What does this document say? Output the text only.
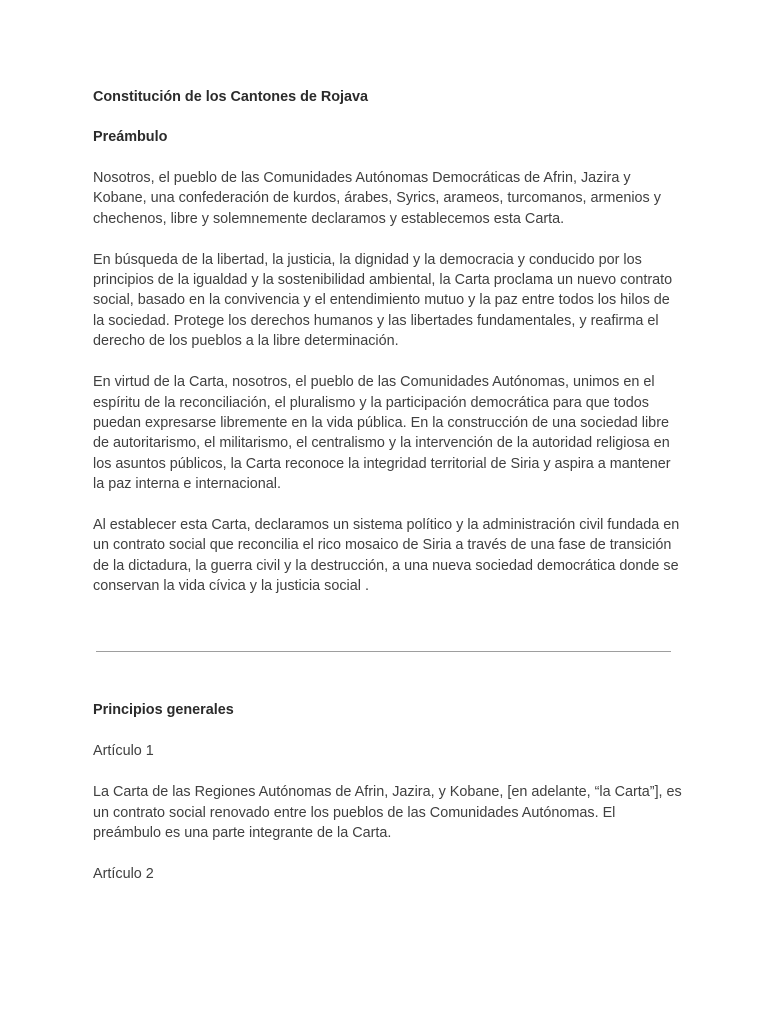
Constitución de los Cantones de Rojava

Preámbulo

Nosotros, el pueblo de las Comunidades Autónomas Democráticas de Afrin, Jazira y Kobane, una confederación de kurdos, árabes, Syrics, arameos, turcomanos, armenios y chechenos, libre y solemnemente declaramos y establecemos esta Carta.

En búsqueda de la libertad, la justicia, la dignidad y la democracia y conducido por los principios de la igualdad y la sostenibilidad ambiental, la Carta proclama un nuevo contrato social, basado en la convivencia y el entendimiento mutuo y la paz entre todos los hilos de la sociedad. Protege los derechos humanos y las libertades fundamentales, y reafirma el derecho de los pueblos a la libre determinación.

En virtud de la Carta, nosotros, el pueblo de las Comunidades Autónomas, unimos en el espíritu de la reconciliación, el pluralismo y la participación democrática para que todos puedan expresarse libremente en la vida pública. En la construcción de una sociedad libre de autoritarismo, el militarismo, el centralismo y la intervención de la autoridad religiosa en los asuntos públicos, la Carta reconoce la integridad territorial de Siria y aspira a mantener la paz interna e internacional.

Al establecer esta Carta, declaramos un sistema político y la administración civil fundada en un contrato social que reconcilia el rico mosaico de Siria a través de una fase de transición de la dictadura, la guerra civil y la destrucción, a una nueva sociedad democrática donde se conservan la vida cívica y la justicia social .

Principios generales

Artículo 1

La Carta de las Regiones Autónomas de Afrin, Jazira, y Kobane, [en adelante, “la Carta”], es un contrato social renovado entre los pueblos de las Comunidades Autónomas. El preámbulo es una parte integrante de la Carta.

Artículo 2
